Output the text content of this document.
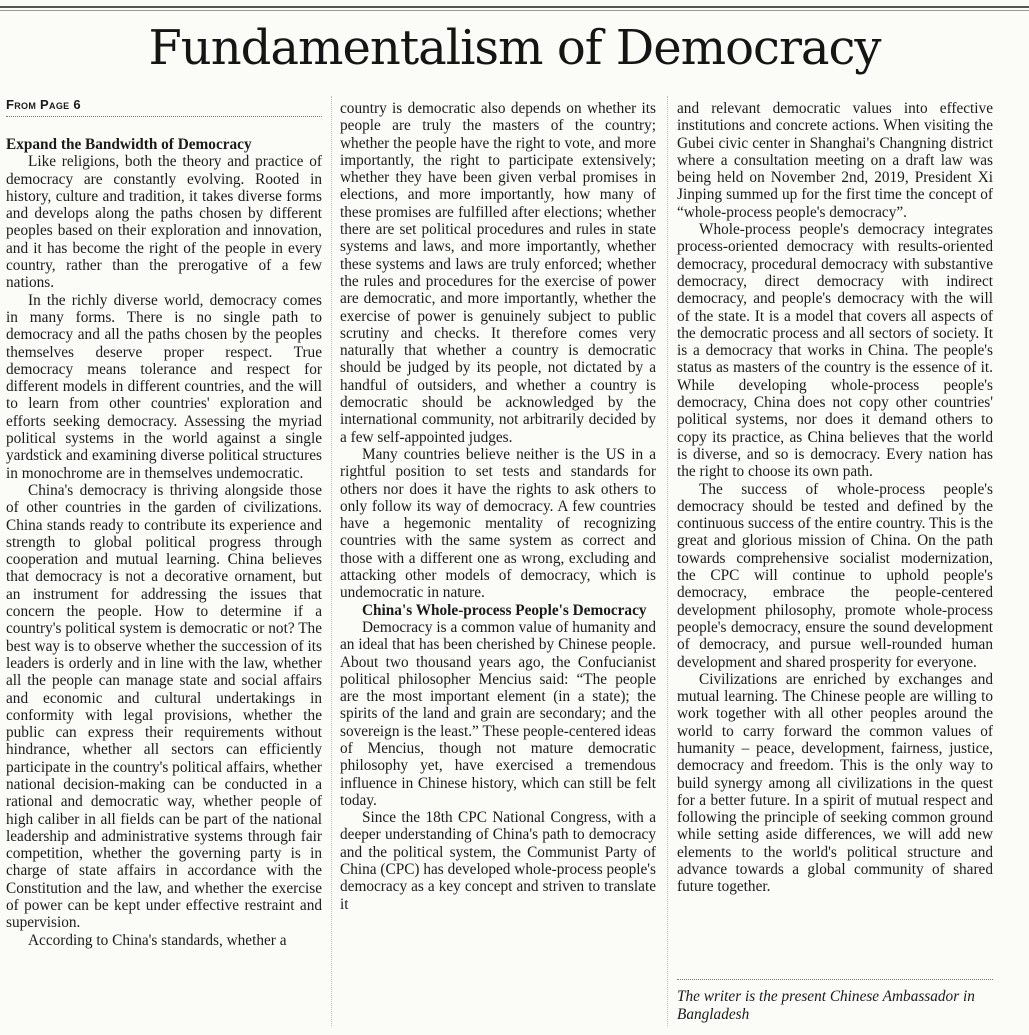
Fundamentalism of Democracy
From Page 6

Expand the Bandwidth of Democracy

Like religions, both the theory and practice of democracy are constantly evolving. Rooted in history, culture and tradition, it takes diverse forms and develops along the paths chosen by different peoples based on their exploration and innovation, and it has become the right of the people in every country, rather than the prerogative of a few nations.

In the richly diverse world, democracy comes in many forms. There is no single path to democracy and all the paths chosen by the peoples themselves deserve proper respect. True democracy means tolerance and respect for different models in different countries, and the will to learn from other countries' exploration and efforts seeking democracy. Assessing the myriad political systems in the world against a single yardstick and examining diverse political structures in monochrome are in themselves undemocratic.

China's democracy is thriving alongside those of other countries in the garden of civilizations. China stands ready to contribute its experience and strength to global political progress through cooperation and mutual learning. China believes that democracy is not a decorative ornament, but an instrument for addressing the issues that concern the people. How to determine if a country's political system is democratic or not? The best way is to observe whether the succession of its leaders is orderly and in line with the law, whether all the people can manage state and social affairs and economic and cultural undertakings in conformity with legal provisions, whether the public can express their requirements without hindrance, whether all sectors can efficiently participate in the country's political affairs, whether national decision-making can be conducted in a rational and democratic way, whether people of high caliber in all fields can be part of the national leadership and administrative systems through fair competition, whether the governing party is in charge of state affairs in accordance with the Constitution and the law, and whether the exercise of power can be kept under effective restraint and supervision.

According to China's standards, whether a

country is democratic also depends on whether its people are truly the masters of the country; whether the people have the right to vote, and more importantly, the right to participate extensively; whether they have been given verbal promises in elections, and more importantly, how many of these promises are fulfilled after elections; whether there are set political procedures and rules in state systems and laws, and more importantly, whether these systems and laws are truly enforced; whether the rules and procedures for the exercise of power are democratic, and more importantly, whether the exercise of power is genuinely subject to public scrutiny and checks. It therefore comes very naturally that whether a country is democratic should be judged by its people, not dictated by a handful of outsiders, and whether a country is democratic should be acknowledged by the international community, not arbitrarily decided by a few self-appointed judges.

Many countries believe neither is the US in a rightful position to set tests and standards for others nor does it have the rights to ask others to only follow its way of democracy. A few countries have a hegemonic mentality of recognizing countries with the same system as correct and those with a different one as wrong, excluding and attacking other models of democracy, which is undemocratic in nature.

China's Whole-process People's Democracy

Democracy is a common value of humanity and an ideal that has been cherished by Chinese people. About two thousand years ago, the Confucianist political philosopher Mencius said: “The people are the most important element (in a state); the spirits of the land and grain are secondary; and the sovereign is the least.” These people-centered ideas of Mencius, though not mature democratic philosophy yet, have exercised a tremendous influence in Chinese history, which can still be felt today.

Since the 18th CPC National Congress, with a deeper understanding of China's path to democracy and the political system, the Communist Party of China (CPC) has developed whole-process people's democracy as a key concept and striven to translate it

and relevant democratic values into effective institutions and concrete actions. When visiting the Gubei civic center in Shanghai's Changning district where a consultation meeting on a draft law was being held on November 2nd, 2019, President Xi Jinping summed up for the first time the concept of “whole-process people's democracy”.

Whole-process people's democracy integrates process-oriented democracy with results-oriented democracy, procedural democracy with substantive democracy, direct democracy with indirect democracy, and people's democracy with the will of the state. It is a model that covers all aspects of the democratic process and all sectors of society. It is a democracy that works in China. The people's status as masters of the country is the essence of it. While developing whole-process people's democracy, China does not copy other countries' political systems, nor does it demand others to copy its practice, as China believes that the world is diverse, and so is democracy. Every nation has the right to choose its own path.

The success of whole-process people's democracy should be tested and defined by the continuous success of the entire country. This is the great and glorious mission of China. On the path towards comprehensive socialist modernization, the CPC will continue to uphold people's democracy, embrace the people-centered development philosophy, promote whole-process people's democracy, ensure the sound development of democracy, and pursue well-rounded human development and shared prosperity for everyone.

Civilizations are enriched by exchanges and mutual learning. The Chinese people are willing to work together with all other peoples around the world to carry forward the common values of humanity – peace, development, fairness, justice, democracy and freedom. This is the only way to build synergy among all civilizations in the quest for a better future. In a spirit of mutual respect and following the principle of seeking common ground while setting aside differences, we will add new elements to the world's political structure and advance towards a global community of shared future together.

The writer is the present Chinese Ambassador in Bangladesh
